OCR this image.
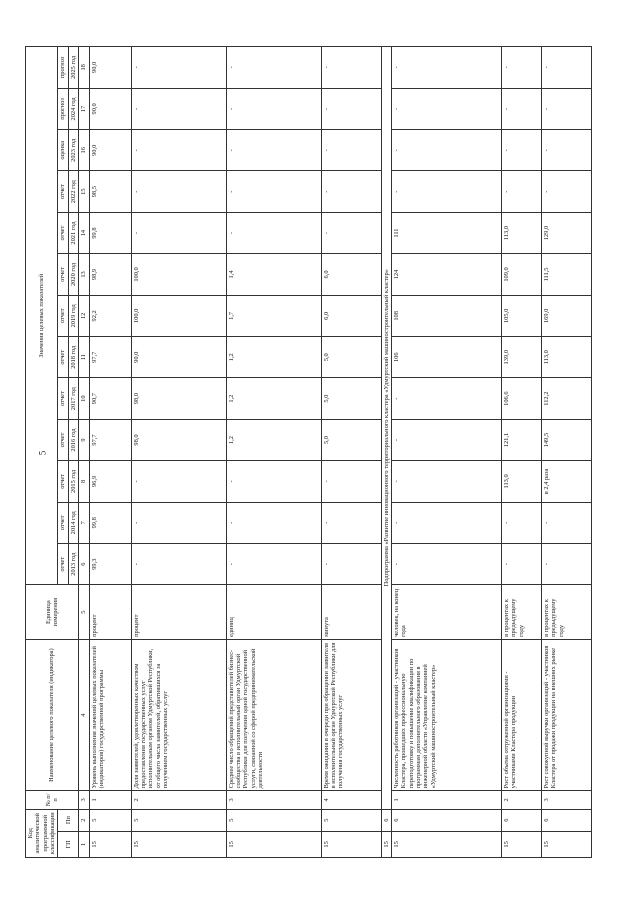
5
Код аналитической программной классификации		№ п/п	Наименование целевого показателя (индикатора)	Единица измерения	Значения целевых показателей												
ГП	Пп				отчет	отчет	отчет	отчет	отчет	отчет	отчет	отчет	отчет	отчет	оценка	прогноз	прогноз
					2013 год	2014 год	2015 год	2016 год	2017 год	2018 год	2019 год	2020 год	2021 год	2022 год	2023 год	2024 год	2025 год
1	2	3	4	5	6	7	8	9	10	11	12	13	14	15	16	17	18
15	5	1	Уровень выполнения значений целевых показателей (индикаторов) государственной программы	процент	99,3	99,8	96,9	97,7	90,7	97,7	92,2	98,9	99,8	98,5	90,0	90,0	90,0
15	5	2	Доля заявителей, удовлетворенных качеством предоставления государственных услуг исполнительным органом Удмуртской Республики, от общего числа заявителей, обратившихся за получением государственных услуг	процент	-	-	-	98,0	98,0	90,0	100,0	100,0	-	-	-	-	-
15	5	3	Среднее число обращений представителей бизнес-сообщества в исполнительный орган Удмуртской Республики для получения одной государственной услуги, связанной со сферой предпринимательской деятельности	единиц	-	-	-	1,2	1,2	1,2	1,7	1,4	-	-	-	-	-
15	5	4	Время ожидания в очереди при обращении заявителя в исполнительный орган Удмуртской Республики для получения государственных услуг	минута	-	-	-	5,0	5,0	5,0	6,0	6,0	-	-	-	-	-
15	6	Подпрограмма «Развитие инновационного территориального кластера «Удмуртский машиностроительный кластер»															
15	6	1	Численность работников организаций - участников Кластера, прошедших профессиональную переподготовку и повышение квалификации по программам дополнительного образования в инженерной области «Управление компанией «Удмуртский машиностроительный кластер»	человек, на конец года	-	-	-	-	-	106	108	124	111	-	-	-	-
15	6	2	Рост объема отгруженной организациями - участниками Кластера продукции	в процентах к предыдущему году	-	-	113,0	121,1	106,6	139,0	105,0	109,0	113,0	-	-	-	-
15	6	3	Рост совокупной выручки организаций - участников Кластера от продажи продукции на внешних рынке	в процентах к предыдущему году	-	-	в 2,4 раза	149,5	112,2	113,0	169,0	111,5	129,0	-	-	-	-
